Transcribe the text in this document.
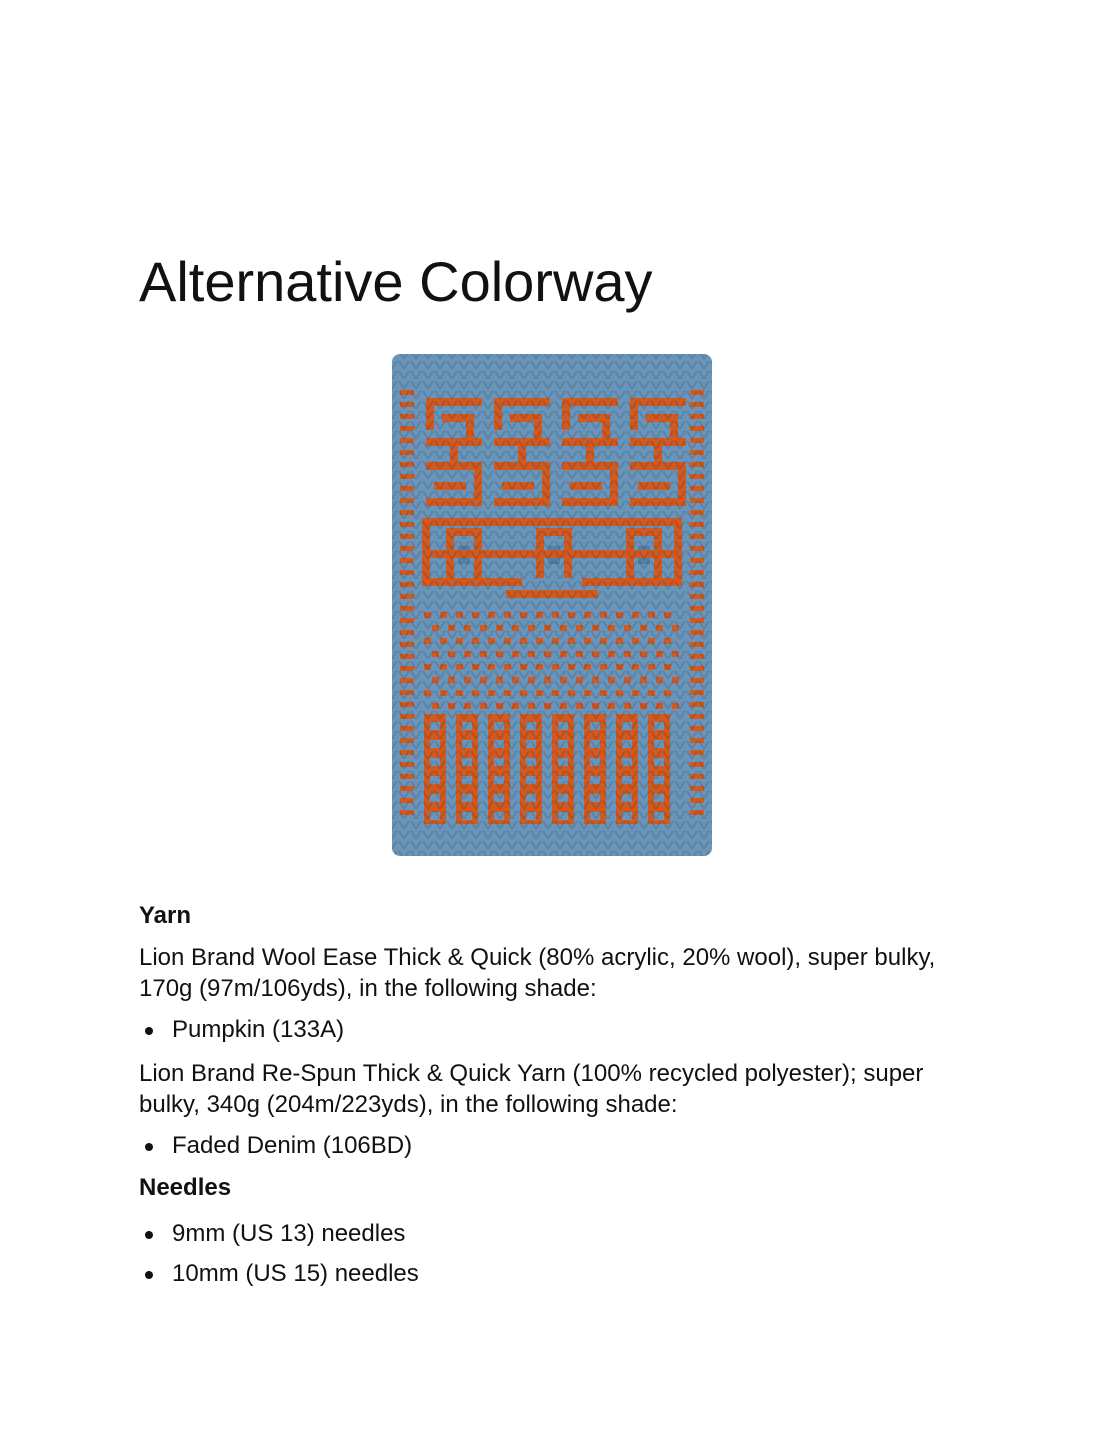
Alternative Colorway
Yarn

Lion Brand Wool Ease Thick & Quick (80% acrylic, 20% wool), super bulky, 170g (97m/106yds), in the following shade:

Pumpkin (133A)

Lion Brand Re-Spun Thick & Quick Yarn (100% recycled polyester); super bulky, 340g (204m/223yds), in the following shade:

Faded Denim (106BD)
Needles
9mm (US 13) needles
10mm (US 15) needles
